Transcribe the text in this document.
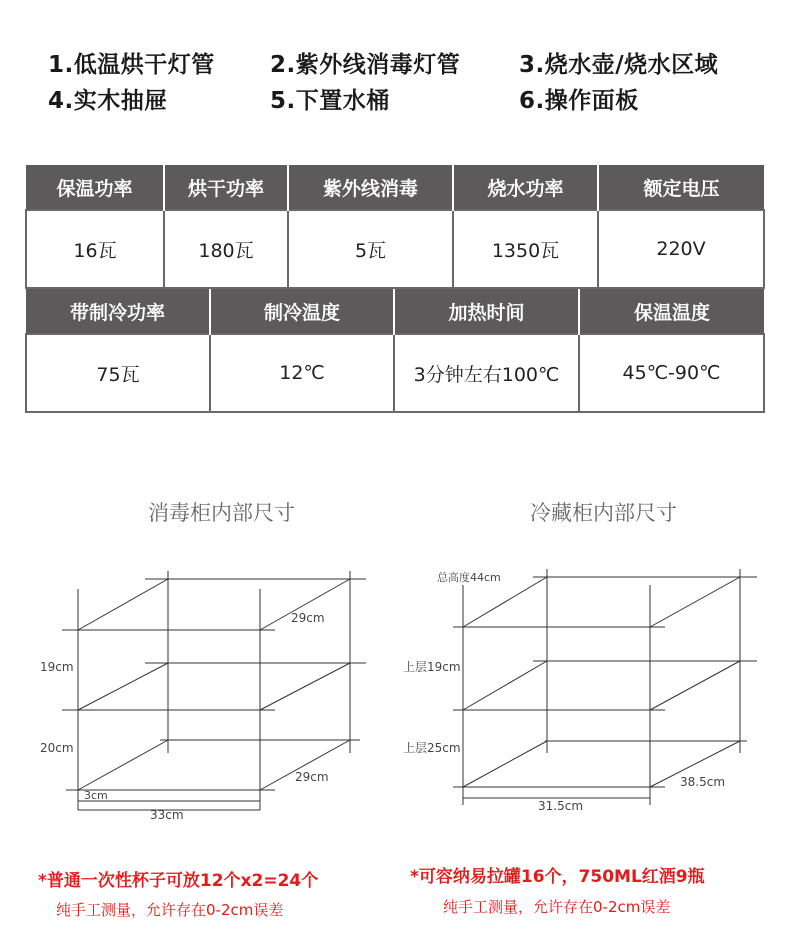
1.低温烘干灯管 2.紫外线消毒灯管	3.烧水壶/烧水区域
4.实木抽屉	5.下置水桶	6.操作面板
保温功率	烘干功率	紫外线消毒	烧水功率	额定电压
16瓦	180瓦	5瓦	1350瓦	220V
带制冷功率	制冷温度	加热时间	保温温度
75瓦	12℃	3分钟左右100℃	45℃-90℃
消毒柜内部尺寸
29cm
19cm
20cm
29cm
3cm
33cm
*普通一次性杯子可放12个x2=24个
纯手工测量，允许存在0-2cm误差
冷藏柜内部尺寸
总高度44cm
上层19cm
上层25cm
38.5cm
31.5cm
*可容纳易拉罐16个，750ML红酒9瓶
纯手工测量，允许存在0-2cm误差
